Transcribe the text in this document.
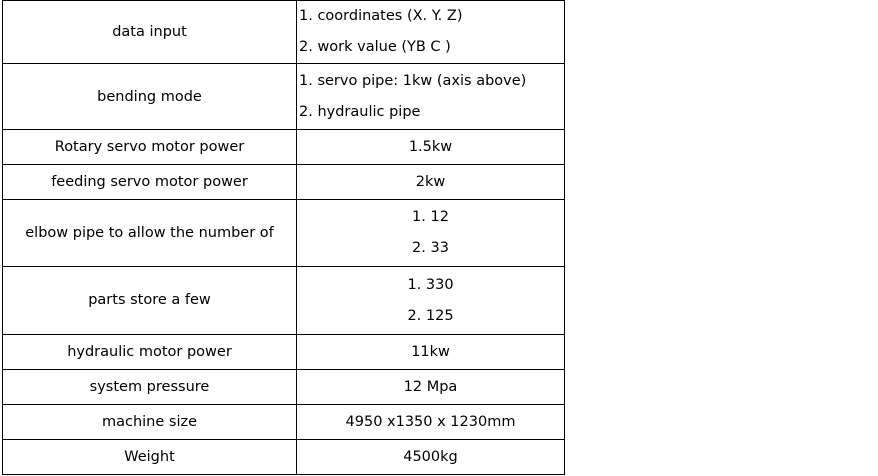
data input	1. coordinates (X. Y. Z)
2. work value (YB C )

bending mode	1. servo pipe: 1kw (axis above)
2. hydraulic pipe

Rotary servo motor power	1.5kw
feeding servo motor power	2kw
elbow pipe to allow the number of	1. 12
2. 33

parts store a few	1. 330
2. 125

hydraulic motor power	11kw
system pressure	12 Mpa
machine size	4950 x1350 x 1230mm
Weight	4500kg
